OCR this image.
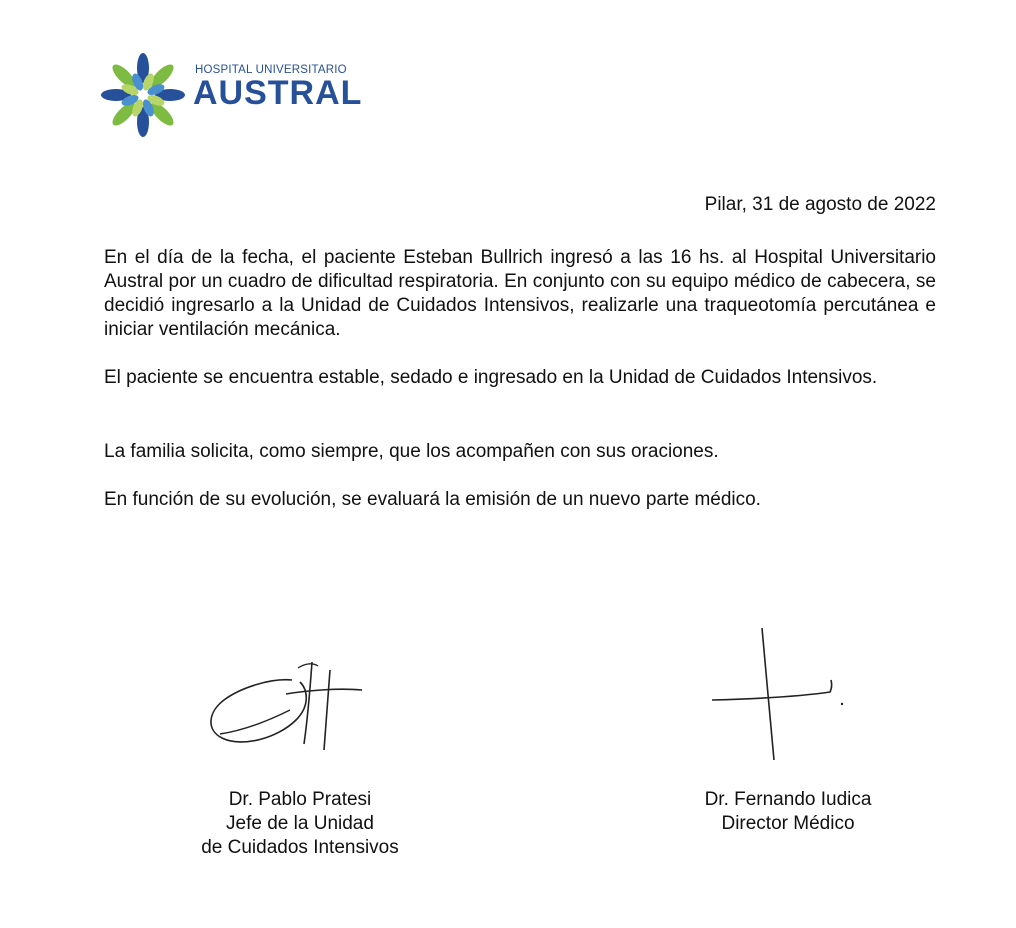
HOSPITAL UNIVERSITARIO
AUSTRAL
Pilar, 31 de agosto de 2022

En el día de la fecha, el paciente Esteban Bullrich ingresó a las 16 hs. al Hospital Universitario Austral por un cuadro de dificultad respiratoria. En conjunto con su equipo médico de cabecera, se decidió ingresarlo a la Unidad de Cuidados Intensivos, realizarle una traqueotomía percutánea e iniciar ventilación mecánica.

El paciente se encuentra estable, sedado e ingresado en la Unidad de Cuidados Intensivos.

La familia solicita, como siempre, que los acompañen con sus oraciones.

En función de su evolución, se evaluará la emisión de un nuevo parte médico.

Dr. Pablo Pratesi
Jefe de la Unidad
de Cuidados Intensivos
Dr. Fernando Iudica
Director Médico
